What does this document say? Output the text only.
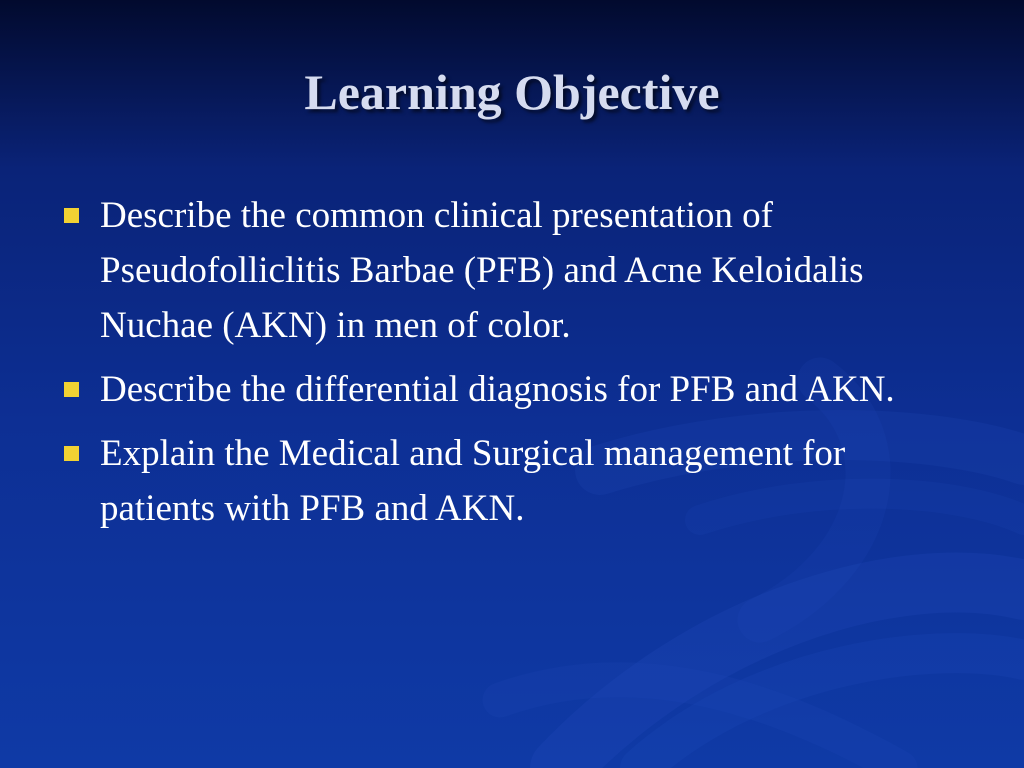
Learning Objective
Describe the common clinical presentation of Pseudofolliclitis Barbae (PFB) and Acne Keloidalis Nuchae (AKN) in men of color.
Describe the differential diagnosis for PFB and AKN.
Explain the Medical and Surgical management for patients with PFB and AKN.
